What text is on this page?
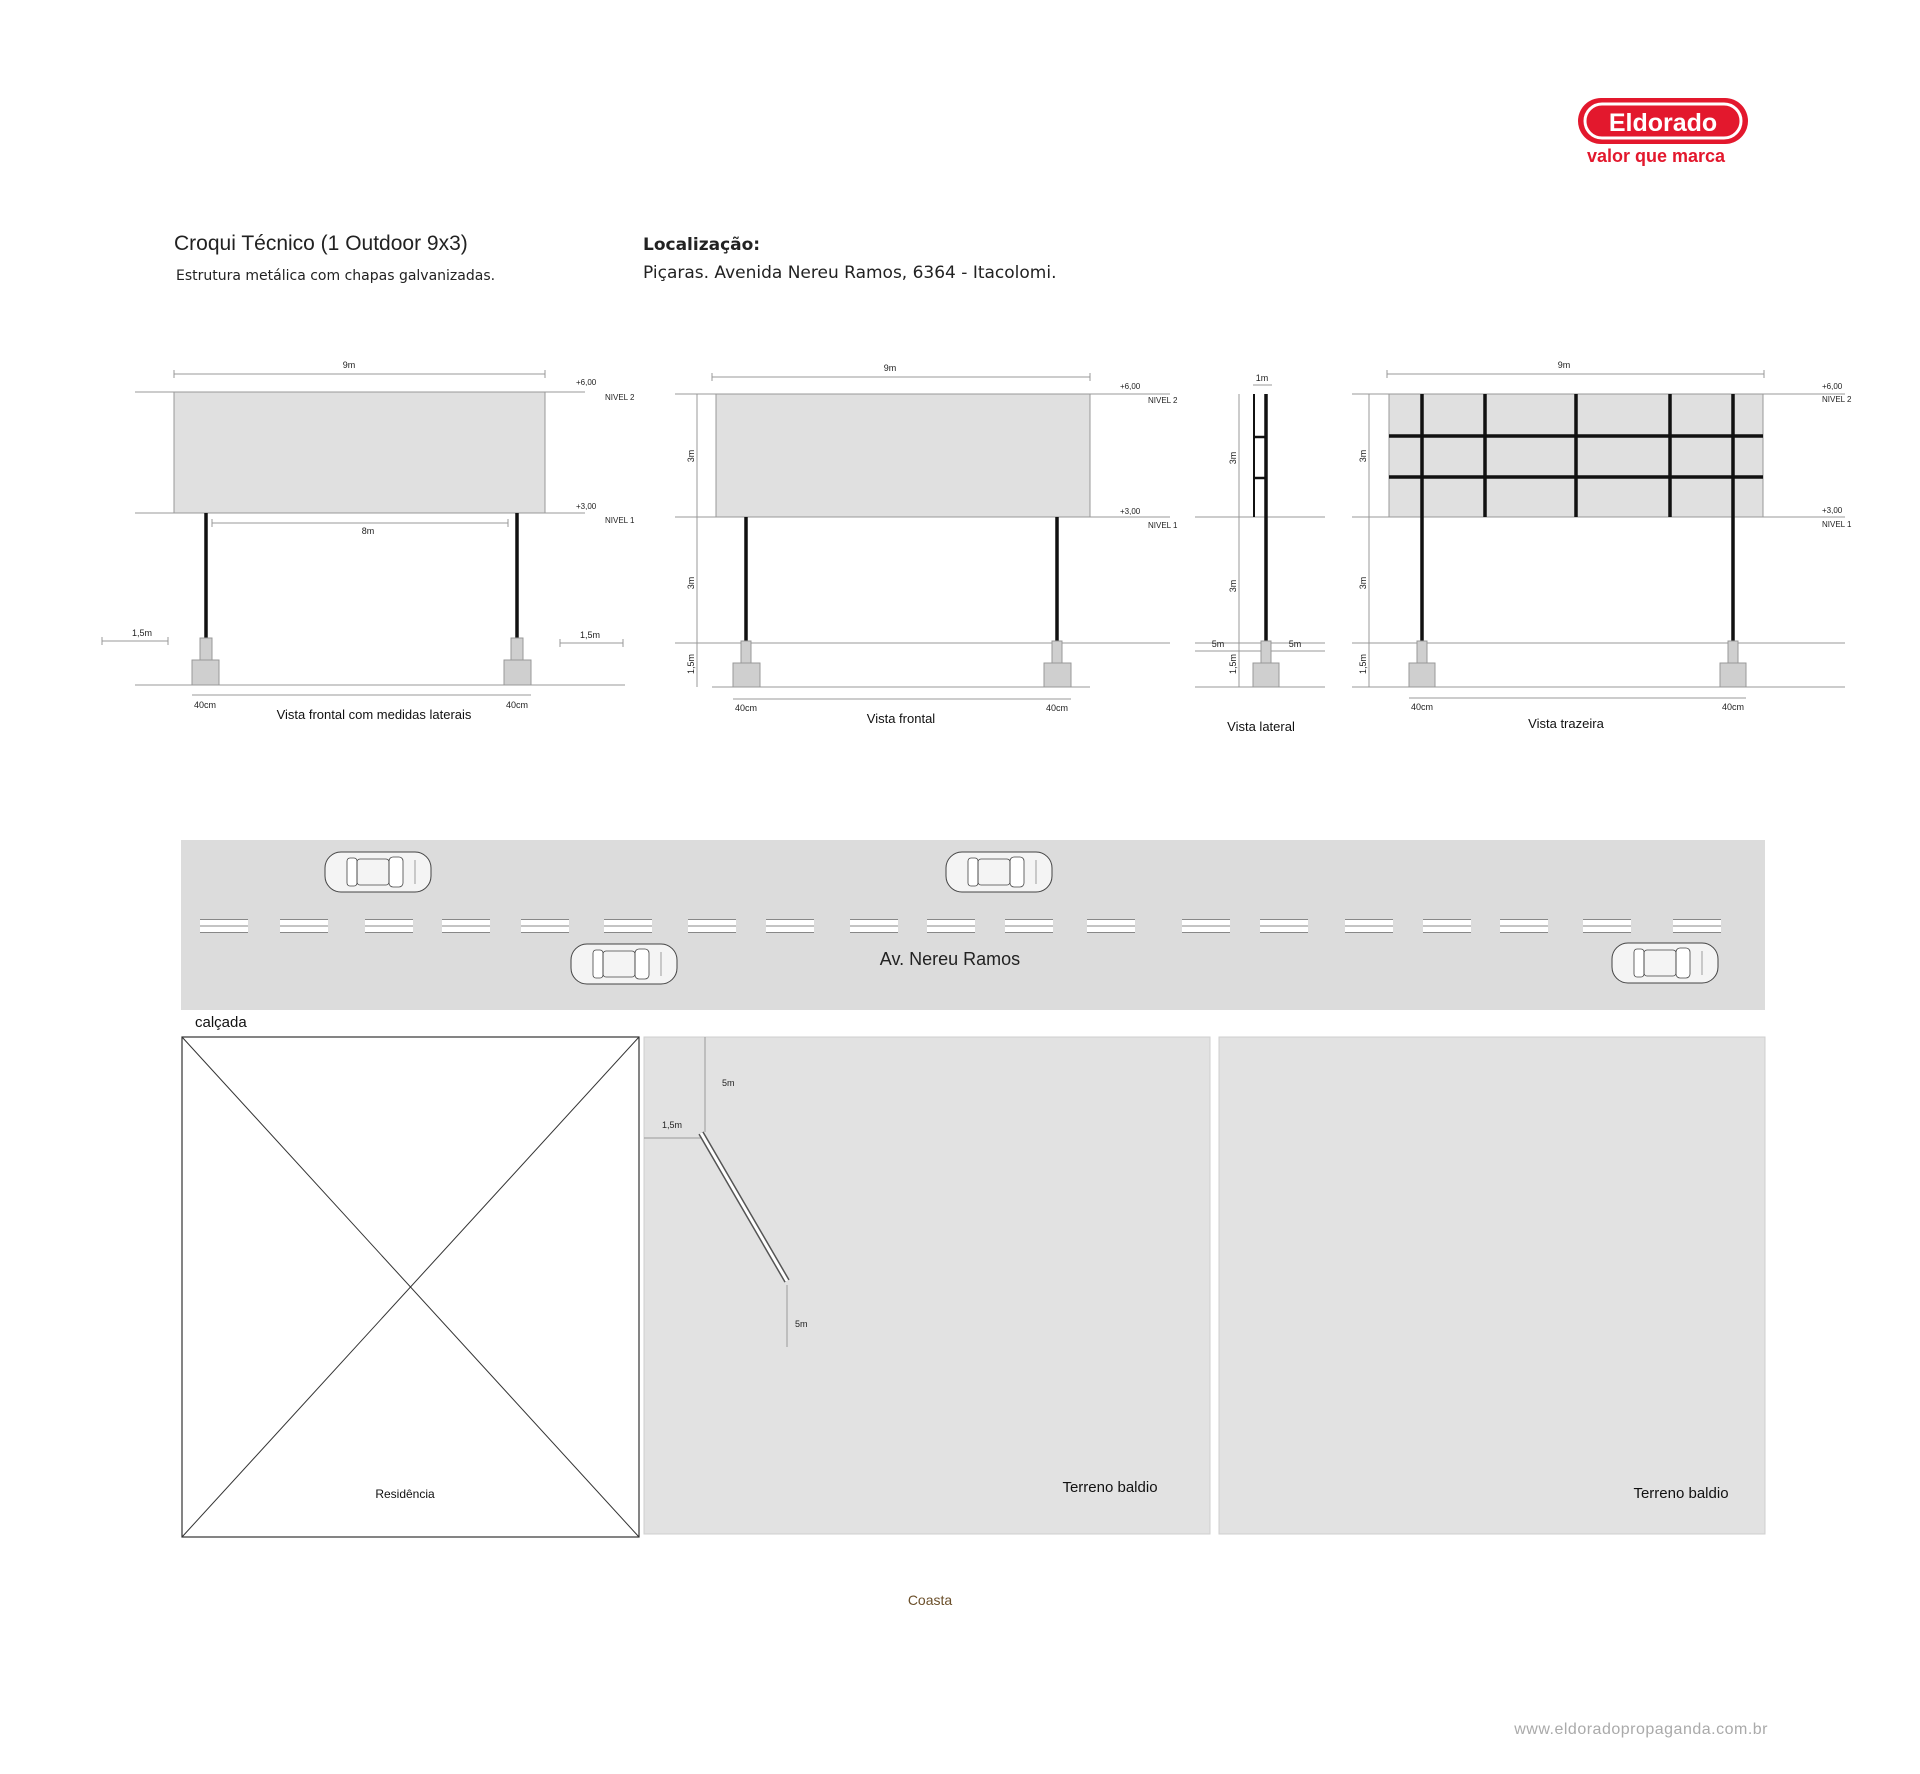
Eldorado
valor que marca
Croqui Técnico (1 Outdoor 9x3)
Estrutura metálica com chapas galvanizadas.
Localização:
Piçaras. Avenida Nereu Ramos, 6364 - Itacolomi.
9m
+6,00
NIVEL 2
+3,00
NIVEL 1
8m
1,5m	1,5m
40cm	40cm
Vista frontal com medidas laterais
9m
3m
3m
1,5m
+6,00
NIVEL 2
+3,00
NIVEL 1
40cm	40cm
Vista frontal
1m
3m
3m
1,5m
5m	5m
Vista lateral
9m
3m
3m
1,5m
+6,00
NIVEL 2
+3,00
NIVEL 1
40cm	40cm
Vista trazeira
Av. Nereu Ramos
calçada
Residência
5m
1,5m
5m
Terreno baldio	Terreno baldio
Coasta
www.eldoradopropaganda.com.br
